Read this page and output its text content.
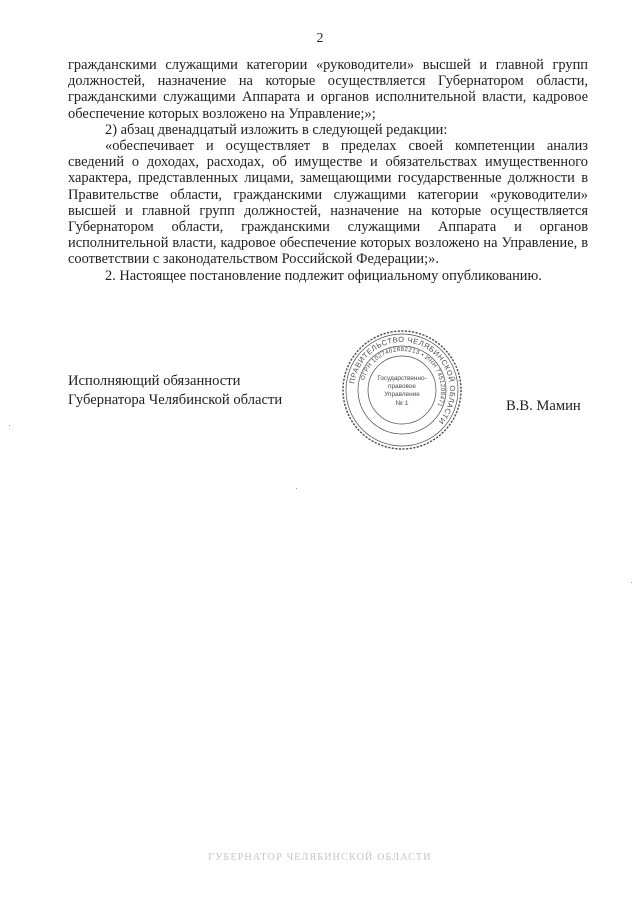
2

гражданскими служащими категории «руководители» высшей и главной групп должностей, назначение на которые осуществляется Губернатором области, гражданскими служащими Аппарата и органов исполнительной власти, кадровое обеспечение которых возложено на Управление;»;

2) абзац двенадцатый изложить в следующей редакции:

«обеспечивает и осуществляет в пределах своей компетенции анализ сведений о доходах, расходах, об имуществе и обязательствах имущественного характера, представленных лицами, замещающими государственные должности в Правительстве области, гражданскими служащими категории «руководители» высшей и главной групп должностей, назначение на которые осуществляется Губернатором области, гражданскими служащими Аппарата и органов исполнительной власти, кадровое обеспечение которых возложено на Управление, в соответствии с законодательством Российской Федерации;».

2. Настоящее постановление подлежит официальному опубликованию.

ПРАВИТЕЛЬСТВО ЧЕЛЯБИНСКОЙ ОБЛАСТИ
ОГРН 1027402882213 • ИНН 7451208471
Государственно-
правовое
Управление
№ 1
Исполняющий обязанности
Губернатора Челябинской области	В.В. Мамин
ГУБЕРНАТОР ЧЕЛЯБИНСКОЙ ОБЛАСТИ
